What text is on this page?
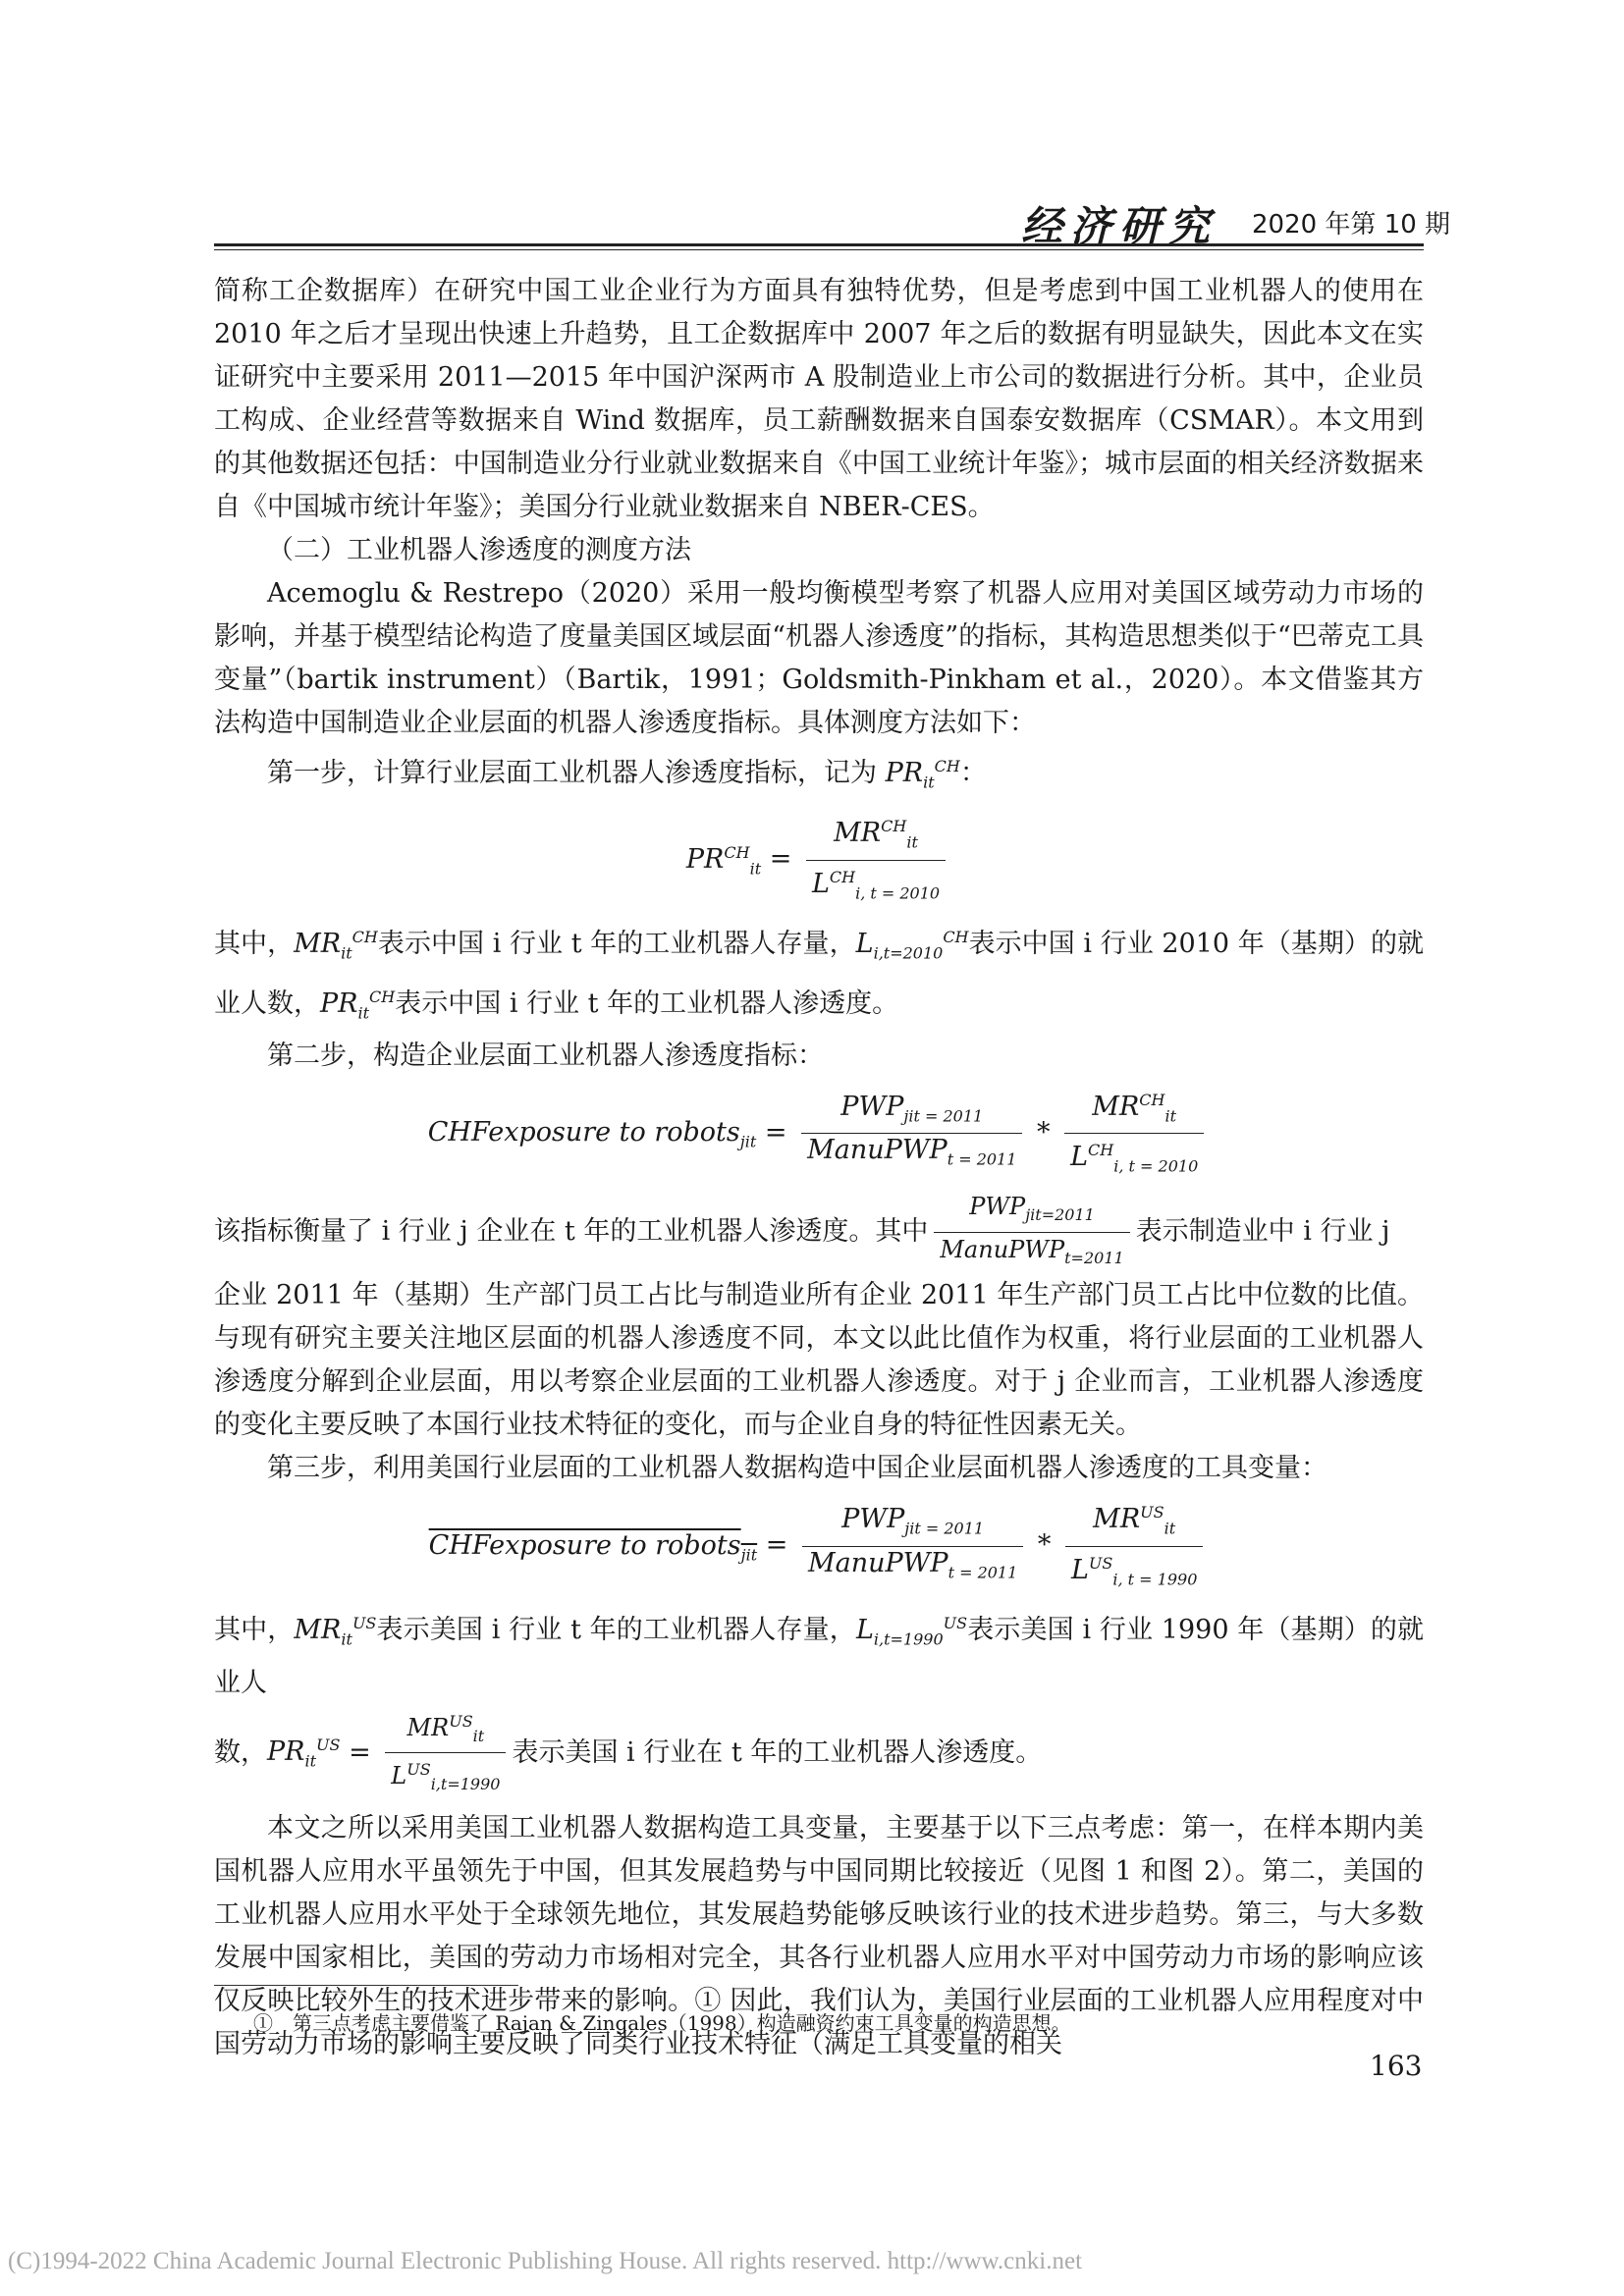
经济研究 2020 年第 10 期

简称工企数据库）在研究中国工业企业行为方面具有独特优势，但是考虑到中国工业机器人的使用在 2010 年之后才呈现出快速上升趋势，且工企数据库中 2007 年之后的数据有明显缺失，因此本文在实证研究中主要采用 2011—2015 年中国沪深两市 A 股制造业上市公司的数据进行分析。其中，企业员工构成、企业经营等数据来自 Wind 数据库，员工薪酬数据来自国泰安数据库（CSMAR）。本文用到的其他数据还包括：中国制造业分行业就业数据来自《中国工业统计年鉴》；城市层面的相关经济数据来自《中国城市统计年鉴》；美国分行业就业数据来自 NBER-CES。

（二）工业机器人渗透度的测度方法

Acemoglu & Restrepo（2020）采用一般均衡模型考察了机器人应用对美国区域劳动力市场的影响，并基于模型结论构造了度量美国区域层面“机器人渗透度”的指标，其构造思想类似于“巴蒂克工具变量”（bartik instrument）（Bartik，1991；Goldsmith-Pinkham et al.，2020）。本文借鉴其方法构造中国制造业企业层面的机器人渗透度指标。具体测度方法如下：

第一步，计算行业层面工业机器人渗透度指标，记为 $PR_{it}^{CH}$：

$PR^{CH}_{it} = \frac{MR^{CH}_{it}}{L^{CH}_{i, t = 2010}}$

其中，$MR_{it}^{CH}$表示中国 i 行业 t 年的工业机器人存量，$L_{i,t=2010}^{CH}$表示中国 i 行业 2010 年（基期）的就业人数，$PR_{it}^{CH}$表示中国 i 行业 t 年的工业机器人渗透度。

第二步，构造企业层面工业机器人渗透度指标：

CHFexposure to robots$_{jit}$ = $\frac{PWP_{jit = 2011}}{ManuPWP_{t = 2011}} * \frac{MR^{CH}_{it}}{L^{CH}_{i, t = 2010}}$

该指标衡量了 i 行业 j 企业在 t 年的工业机器人渗透度。其中 $\frac{PWP_{jit=2011}}{ManuPWP_{t=2011}}$ 表示制造业中 i 行业 j

企业 2011 年（基期）生产部门员工占比与制造业所有企业 2011 年生产部门员工占比中位数的比值。与现有研究主要关注地区层面的机器人渗透度不同，本文以此比值作为权重，将行业层面的工业机器人渗透度分解到企业层面，用以考察企业层面的工业机器人渗透度。对于 j 企业而言，工业机器人渗透度的变化主要反映了本国行业技术特征的变化，而与企业自身的特征性因素无关。

第三步，利用美国行业层面的工业机器人数据构造中国企业层面机器人渗透度的工具变量：

CHFexposure to robots$_{jit}$ = $\frac{PWP_{jit = 2011}}{ManuPWP_{t = 2011}} * \frac{MR^{US}_{it}}{L^{US}_{i, t = 1990}}$

其中，$MR_{it}^{US}$表示美国 i 行业 t 年的工业机器人存量，$L_{i,t=1990}^{US}$表示美国 i 行业 1990 年（基期）的就业人

数，$PR_{it}^{US} = \frac{MR^{US}_{it}}{L^{US}_{i,t=1990}}$ 表示美国 i 行业在 t 年的工业机器人渗透度。

本文之所以采用美国工业机器人数据构造工具变量，主要基于以下三点考虑：第一，在样本期内美国机器人应用水平虽领先于中国，但其发展趋势与中国同期比较接近（见图 1 和图 2）。第二，美国的工业机器人应用水平处于全球领先地位，其发展趋势能够反映该行业的技术进步趋势。第三，与大多数发展中国家相比，美国的劳动力市场相对完全，其各行业机器人应用水平对中国劳动力市场的影响应该仅反映比较外生的技术进步带来的影响。① 因此，我们认为，美国行业层面的工业机器人应用程度对中国劳动力市场的影响主要反映了同类行业技术特征（满足工具变量的相关

①　第三点考虑主要借鉴了 Rajan & Zingales（1998）构造融资约束工具变量的构造思想。
163
(C)1994-2022 China Academic Journal Electronic Publishing House. All rights reserved. http://www.cnki.net
